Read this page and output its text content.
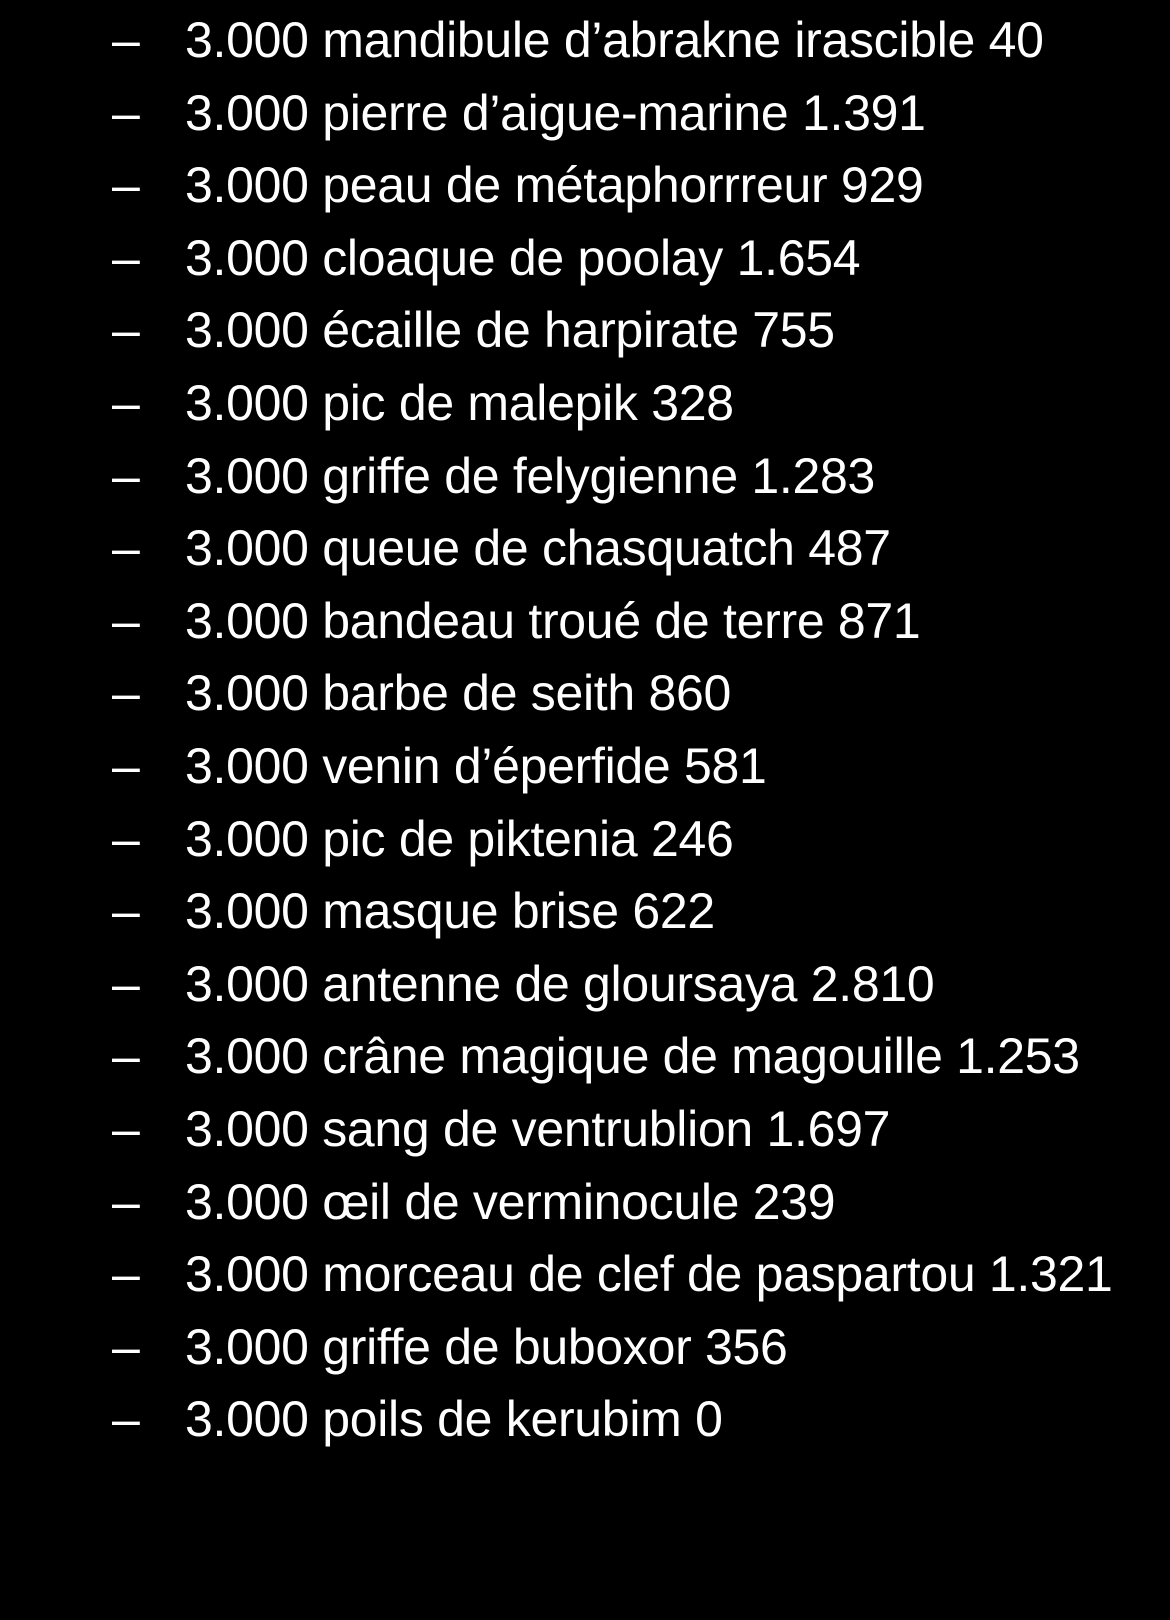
– 3.000 mandibule d’abrakne irascible 40
– 3.000 pierre d’aigue-marine 1.391
– 3.000 peau de métaphorrreur 929
– 3.000 cloaque de poolay 1.654
– 3.000 écaille de harpirate 755
– 3.000 pic de malepik 328
– 3.000 griffe de felygienne 1.283
– 3.000 queue de chasquatch 487
– 3.000 bandeau troué de terre 871
– 3.000 barbe de seith 860
– 3.000 venin d’éperfide 581
– 3.000 pic de piktenia 246
– 3.000 masque brise 622
– 3.000 antenne de gloursaya 2.810
– 3.000 crâne magique de magouille 1.253
– 3.000 sang de ventrublion 1.697
– 3.000 œil de verminocule 239
– 3.000 morceau de clef de paspartou 1.321
– 3.000 griffe de buboxor 356
– 3.000 poils de kerubim 0
